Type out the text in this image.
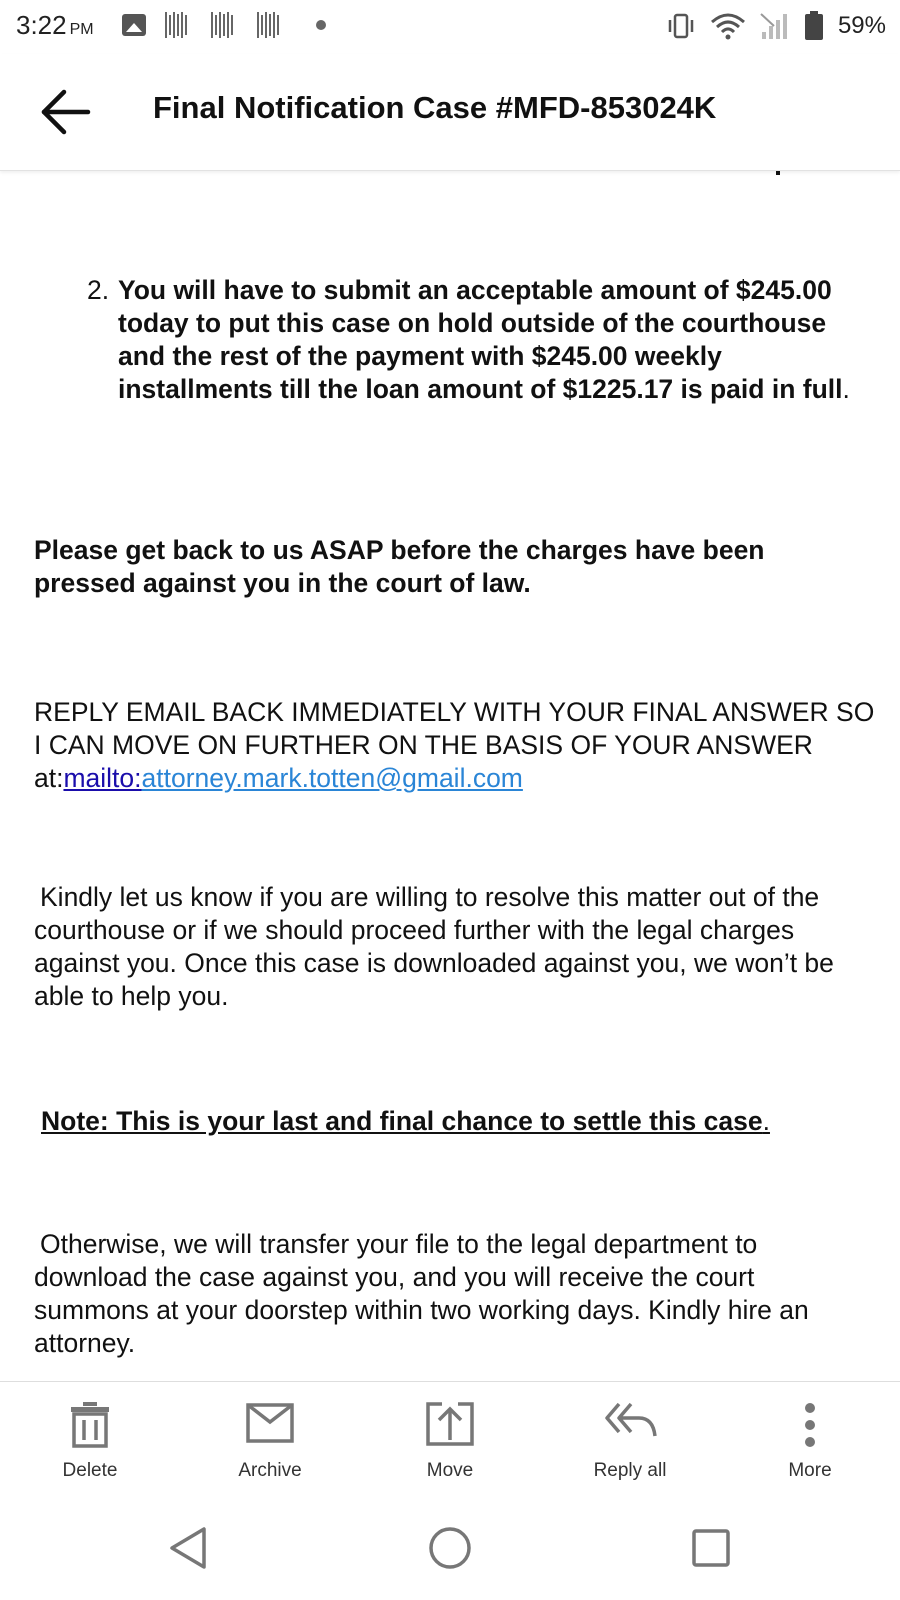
3:22 PM	59%
Final Notification Case #MFD-853024K
2. You will have to submit an acceptable amount of $245.00 today to put this case on hold outside of the courthouse and the rest of the payment with $245.00 weekly installments till the loan amount of $1225.17 is paid in full.
Please get back to us ASAP before the charges have been pressed against you in the court of law.
REPLY EMAIL BACK IMMEDIATELY WITH YOUR FINAL ANSWER SO I CAN MOVE ON FURTHER ON THE BASIS OF YOUR ANSWER at:mailto:attorney.mark.totten@gmail.com
Kindly let us know if you are willing to resolve this matter out of the courthouse or if we should proceed further with the legal charges against you. Once this case is downloaded against you, we won’t be able to help you.
Note: This is your last and final chance to settle this case.
Otherwise, we will transfer your file to the legal department to download the case against you, and you will receive the court summons at your doorstep within two working days. Kindly hire an attorney.
Delete	Archive	Move	Reply all	More
